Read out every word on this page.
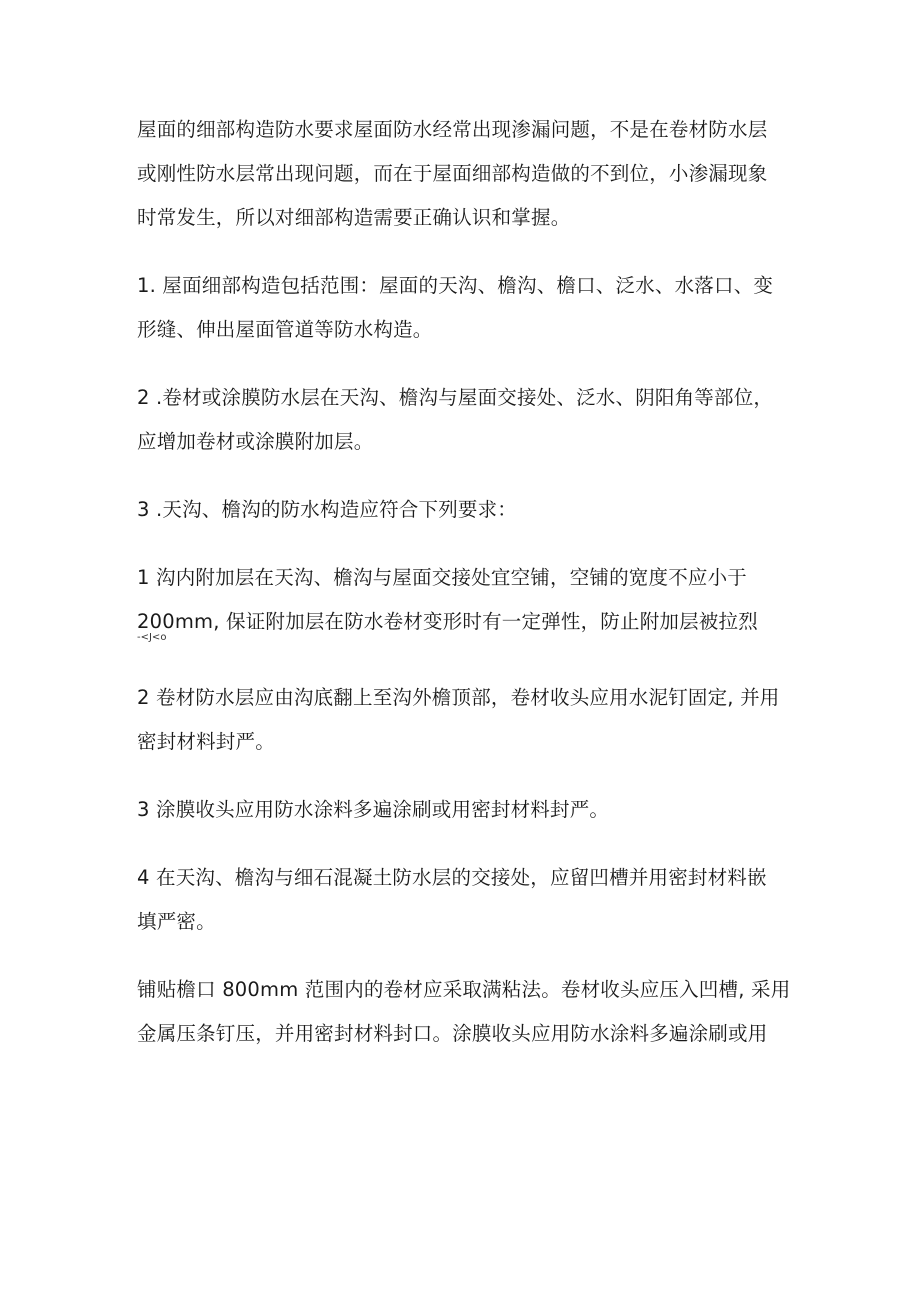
屋面的细部构造防水要求屋面防水经常出现渗漏问题，不是在卷材防水层
或刚性防水层常出现问题，而在于屋面细部构造做的不到位，小渗漏现象
时常发生，所以对细部构造需要正确认识和掌握。

1. 屋面细部构造包括范围：屋面的天沟、檐沟、檐口、泛水、水落口、变
形缝、伸出屋面管道等防水构造。

2 .卷材或涂膜防水层在天沟、檐沟与屋面交接处、泛水、阴阳角等部位，
应增加卷材或涂膜附加层。

3 .天沟、檐沟的防水构造应符合下列要求：

1 沟内附加层在天沟、檐沟与屋面交接处宜空铺，空铺的宽度不应小于
200mm, 保证附加层在防水卷材变形时有一定弹性，防止附加层被拉烈

-<J<o

2 卷材防水层应由沟底翻上至沟外檐顶部，卷材收头应用水泥钉固定, 并用
密封材料封严。

3 涂膜收头应用防水涂料多遍涂刷或用密封材料封严。

4 在天沟、檐沟与细石混凝土防水层的交接处，应留凹槽并用密封材料嵌
填严密。

铺贴檐口 800mm 范围内的卷材应采取满粘法。卷材收头应压入凹槽, 采用
金属压条钉压，并用密封材料封口。涂膜收头应用防水涂料多遍涂刷或用
